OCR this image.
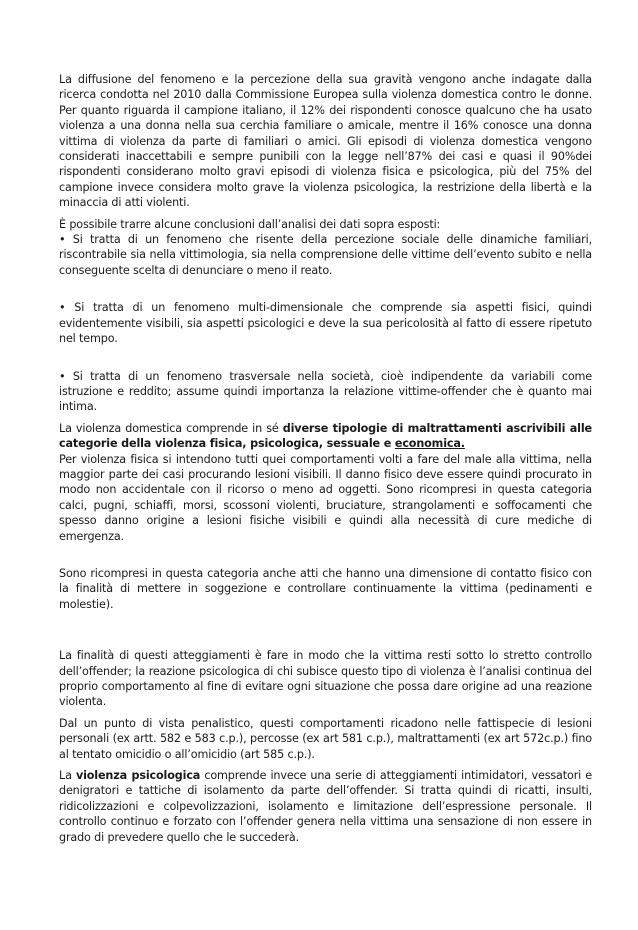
La diffusione del fenomeno e la percezione della sua gravità vengono anche indagate dalla ricerca condotta nel 2010 dalla Commissione Europea sulla violenza domestica contro le donne. Per quanto riguarda il campione italiano, il 12% dei rispondenti conosce qualcuno che ha usato violenza a una donna nella sua cerchia familiare o amicale, mentre il 16% conosce una donna vittima di violenza da parte di familiari o amici. Gli episodi di violenza domestica vengono considerati inaccettabili e sempre punibili con la legge nell’87% dei casi e quasi il 90%dei rispondenti considerano molto gravi episodi di violenza fisica e psicologica, più del 75% del campione invece considera molto grave la violenza psicologica, la restrizione della libertà e la minaccia di atti violenti.

È possibile trarre alcune conclusioni dall’analisi dei dati sopra esposti:

• Si tratta di un fenomeno che risente della percezione sociale delle dinamiche familiari, riscontrabile sia nella vittimologia, sia nella comprensione delle vittime dell’evento subito e nella conseguente scelta di denunciare o meno il reato.

• Si tratta di un fenomeno multi-dimensionale che comprende sia aspetti fisici, quindi evidentemente visibili, sia aspetti psicologici e deve la sua pericolosità al fatto di essere ripetuto nel tempo.

• Si tratta di un fenomeno trasversale nella società, cioè indipendente da variabili come istruzione e reddito; assume quindi importanza la relazione vittime-offender che è quanto mai intima.

La violenza domestica comprende in sé diverse tipologie di maltrattamenti ascrivibili alle categorie della violenza fisica, psicologica, sessuale e economica.

Per violenza fisica si intendono tutti quei comportamenti volti a fare del male alla vittima, nella maggior parte dei casi procurando lesioni visibili. Il danno fisico deve essere quindi procurato in modo non accidentale con il ricorso o meno ad oggetti. Sono ricompresi in questa categoria calci, pugni, schiaffi, morsi, scossoni violenti, bruciature, strangolamenti e soffocamenti che spesso danno origine a lesioni fisiche visibili e quindi alla necessità di cure mediche di emergenza.

Sono ricompresi in questa categoria anche atti che hanno una dimensione di contatto fisico con la finalità di mettere in soggezione e controllare continuamente la vittima (pedinamenti e molestie).

La finalità di questi atteggiamenti è fare in modo che la vittima resti sotto lo stretto controllo dell’offender; la reazione psicologica di chi subisce questo tipo di violenza è l’analisi continua del proprio comportamento al fine di evitare ogni situazione che possa dare origine ad una reazione violenta.

Dal un punto di vista penalistico, questi comportamenti ricadono nelle fattispecie di lesioni personali (ex artt. 582 e 583 c.p.), percosse (ex art 581 c.p.), maltrattamenti (ex art 572c.p.) fino al tentato omicidio o all’omicidio (art 585 c.p.).

La violenza psicologica comprende invece una serie di atteggiamenti intimidatori, vessatori e denigratori e tattiche di isolamento da parte dell’offender. Si tratta quindi di ricatti, insulti, ridicolizzazioni e colpevolizzazioni, isolamento e limitazione dell’espressione personale. Il controllo continuo e forzato con l’offender genera nella vittima una sensazione di non essere in grado di prevedere quello che le succederà.
